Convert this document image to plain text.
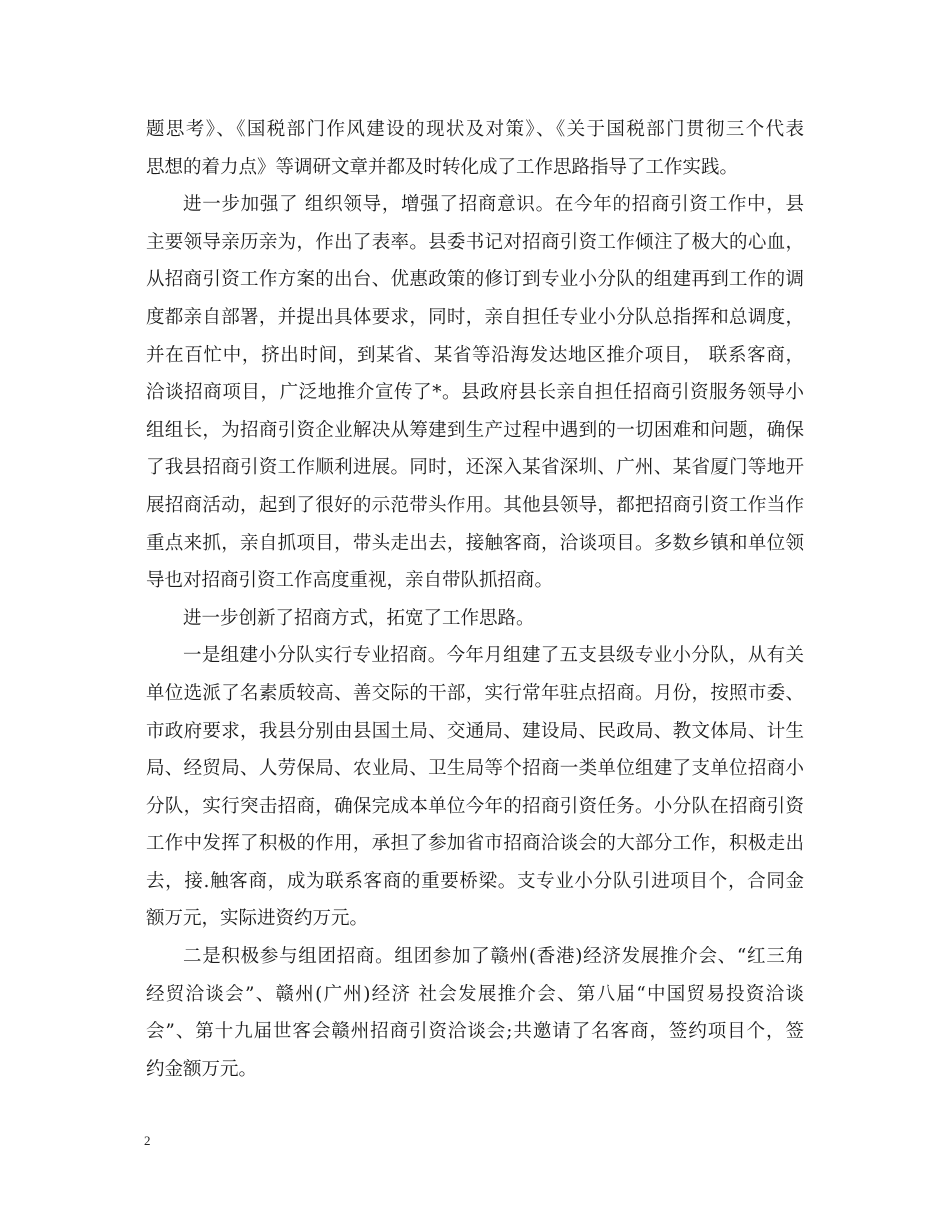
题思考》、《国税部门作风建设的现状及对策》、《关于国税部门贯彻三个代表
思想的着力点》等调研文章并都及时转化成了工作思路指导了工作实践。
进一步加强了 组织领导，增强了招商意识。在今年的招商引资工作中，县
主要领导亲历亲为，作出了表率。县委书记对招商引资工作倾注了极大的心血，
从招商引资工作方案的出台、优惠政策的修订到专业小分队的组建再到工作的调
度都亲自部署，并提出具体要求，同时，亲自担任专业小分队总指挥和总调度，
并在百忙中，挤出时间，到某省、某省等沿海发达地区推介项目， 联系客商，
洽谈招商项目，广泛地推介宣传了*。县政府县长亲自担任招商引资服务领导小
组组长，为招商引资企业解决从筹建到生产过程中遇到的一切困难和问题，确保
了我县招商引资工作顺利进展。同时，还深入某省深圳、广州、某省厦门等地开
展招商活动，起到了很好的示范带头作用。其他县领导，都把招商引资工作当作
重点来抓，亲自抓项目，带头走出去，接触客商，洽谈项目。多数乡镇和单位领
导也对招商引资工作高度重视，亲自带队抓招商。
进一步创新了招商方式，拓宽了工作思路。
一是组建小分队实行专业招商。今年月组建了五支县级专业小分队，从有关
单位选派了名素质较高、善交际的干部，实行常年驻点招商。月份，按照市委、
市政府要求，我县分别由县国土局、交通局、建设局、民政局、教文体局、计生
局、经贸局、人劳保局、农业局、卫生局等个招商一类单位组建了支单位招商小
分队，实行突击招商，确保完成本单位今年的招商引资任务。小分队在招商引资
工作中发挥了积极的作用，承担了参加省市招商洽谈会的大部分工作，积极走出
去，接.触客商，成为联系客商的重要桥梁。支专业小分队引进项目个，合同金
额万元，实际进资约万元。
二是积极参与组团招商。组团参加了赣州(香港)经济发展推介会、“红三角
经贸洽谈会”、赣州(广州)经济 社会发展推介会、第八届“中国贸易投资洽谈
会”、第十九届世客会赣州招商引资洽谈会;共邀请了名客商，签约项目个，签
约金额万元。
2
